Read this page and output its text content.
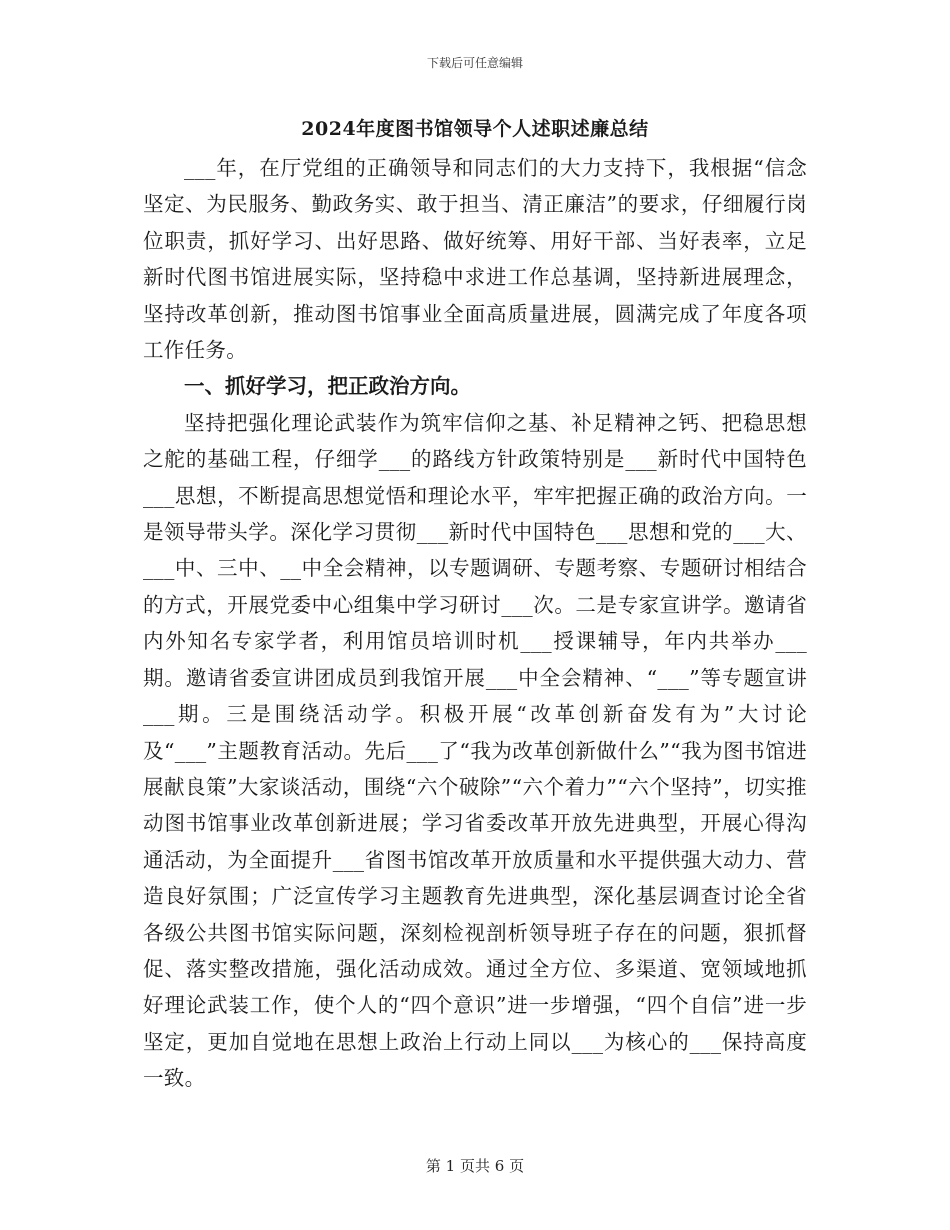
下载后可任意编辑
2024年度图书馆领导个人述职述廉总结

___年，在厅党组的正确领导和同志们的大力支持下，我根据“信念坚定、为民服务、勤政务实、敢于担当、清正廉洁”的要求，仔细履行岗位职责，抓好学习、出好思路、做好统筹、用好干部、当好表率，立足新时代图书馆进展实际，坚持稳中求进工作总基调，坚持新进展理念，坚持改革创新，推动图书馆事业全面高质量进展，圆满完成了年度各项工作任务。

一、抓好学习，把正政治方向。

坚持把强化理论武装作为筑牢信仰之基、补足精神之钙、把稳思想之舵的基础工程，仔细学___的路线方针政策特别是___新时代中国特色___思想，不断提高思想觉悟和理论水平，牢牢把握正确的政治方向。一是领导带头学。深化学习贯彻___新时代中国特色___思想和党的___大、___中、三中、__中全会精神，以专题调研、专题考察、专题研讨相结合的方式，开展党委中心组集中学习研讨___次。二是专家宣讲学。邀请省内外知名专家学者，利用馆员培训时机___授课辅导，年内共举办___期。邀请省委宣讲团成员到我馆开展___中全会精神、“___”等专题宣讲___期。三是围绕活动学。积极开展“改革创新奋发有为”大讨论及“___”主题教育活动。先后___了“我为改革创新做什么”“我为图书馆进展献良策”大家谈活动，围绕“六个破除”“六个着力”“六个坚持”，切实推动图书馆事业改革创新进展；学习省委改革开放先进典型，开展心得沟通活动，为全面提升___省图书馆改革开放质量和水平提供强大动力、营造良好氛围；广泛宣传学习主题教育先进典型，深化基层调查讨论全省各级公共图书馆实际问题，深刻检视剖析领导班子存在的问题，狠抓督促、落实整改措施，强化活动成效。通过全方位、多渠道、宽领域地抓好理论武装工作，使个人的“四个意识”进一步增强，“四个自信”进一步坚定，更加自觉地在思想上政治上行动上同以___为核心的___保持高度一致。

第 1 页共 6 页
